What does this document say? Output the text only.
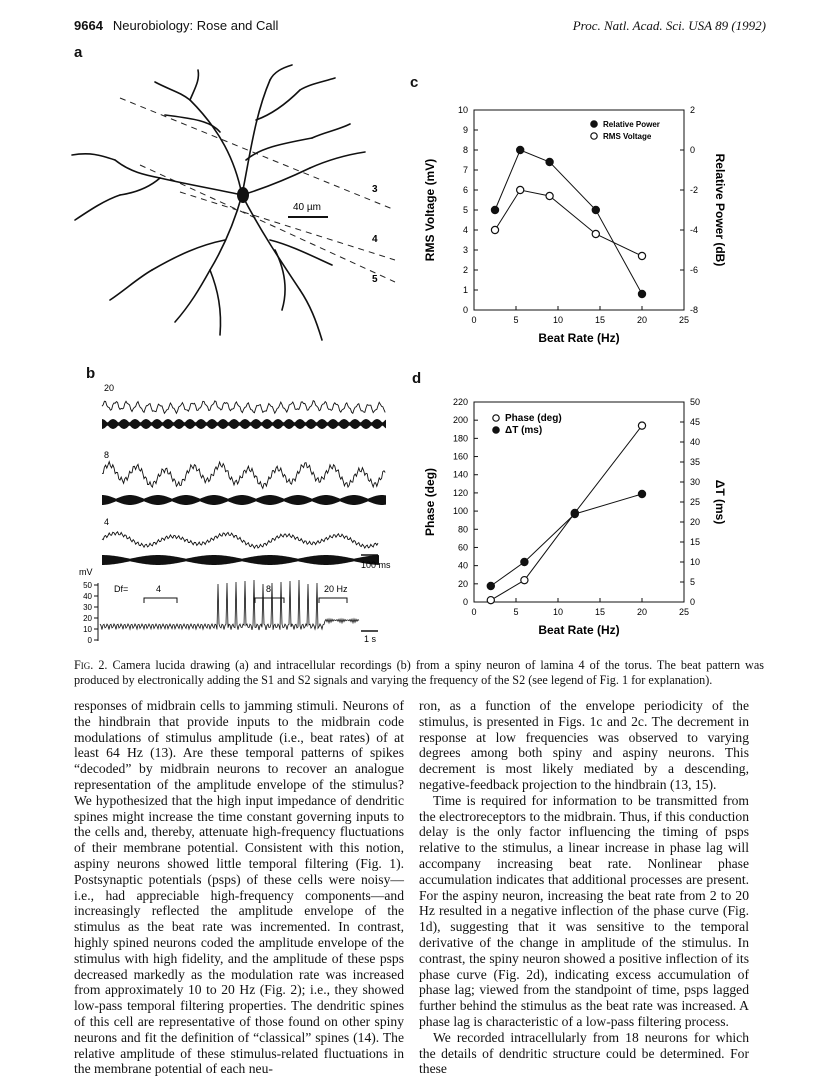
9664 Neurobiology: Rose and Call	Proc. Natl. Acad. Sci. USA 89 (1992)
a
c
b	d
40 µm
3
4
5
20
8
4
100 ms
mV
50
40
30
20
10
0
Df=	4	8	20 Hz
1 s
0
1
2
3
4
5
6
7
8
9
10	2
0
-2
-4
-6
-8
0	5	10	15	20	25
Beat Rate (Hz)
RMS Voltage (mV)	Relative Power (dB)
Relative Power
RMS Voltage
0
20
40
60
80
100
120
140
160
180
200
220
0
5
10
15
20
25
30
35
40
45
50
0	5	10	15	20	25
Beat Rate (Hz)
Phase (deg)	ΔT (ms)
Phase (deg)
ΔT (ms)
Fig. 2. Camera lucida drawing (a) and intracellular recordings (b) from a spiny neuron of lamina 4 of the torus. The beat pattern was produced by electronically adding the S1 and S2 signals and varying the frequency of the S2 (see legend of Fig. 1 for explanation).

responses of midbrain cells to jamming stimuli. Neurons of the hindbrain that provide inputs to the midbrain code modulations of stimulus amplitude (i.e., beat rates) of at least 64 Hz (13). Are these temporal patterns of spikes “decoded” by midbrain neurons to recover an analogue representation of the amplitude envelope of the stimulus? We hypothesized that the high input impedance of dendritic spines might increase the time constant governing inputs to the cells and, thereby, attenuate high-frequency fluctuations of their membrane potential. Consistent with this notion, aspiny neurons showed little temporal filtering (Fig. 1). Postsynaptic potentials (psps) of these cells were noisy—i.e., had appreciable high-frequency components—and increasingly reflected the amplitude envelope of the stimulus as the beat rate was incremented. In contrast, highly spined neurons coded the amplitude envelope of the stimulus with high fidelity, and the amplitude of these psps decreased markedly as the modulation rate was increased from approximately 10 to 20 Hz (Fig. 2); i.e., they showed low-pass temporal filtering properties. The dendritic spines of this cell are representative of those found on other spiny neurons and fit the definition of “classical” spines (14). The relative amplitude of these stimulus-related fluctuations in the membrane potential of each neu-

ron, as a function of the envelope periodicity of the stimulus, is presented in Figs. 1c and 2c. The decrement in response at low frequencies was observed to varying degrees among both spiny and aspiny neurons. This decrement is most likely mediated by a descending, negative-feedback projection to the hindbrain (13, 15).

Time is required for information to be transmitted from the electroreceptors to the midbrain. Thus, if this conduction delay is the only factor influencing the timing of psps relative to the stimulus, a linear increase in phase lag will accompany increasing beat rate. Nonlinear phase accumulation indicates that additional processes are present. For the aspiny neuron, increasing the beat rate from 2 to 20 Hz resulted in a negative inflection of the phase curve (Fig. 1d), suggesting that it was sensitive to the temporal derivative of the change in amplitude of the stimulus. In contrast, the spiny neuron showed a positive inflection of its phase curve (Fig. 2d), indicating excess accumulation of phase lag; viewed from the standpoint of time, psps lagged further behind the stimulus as the beat rate was increased. A phase lag is characteristic of a low-pass filtering process.

We recorded intracellularly from 18 neurons for which the details of dendritic structure could be determined. For these
